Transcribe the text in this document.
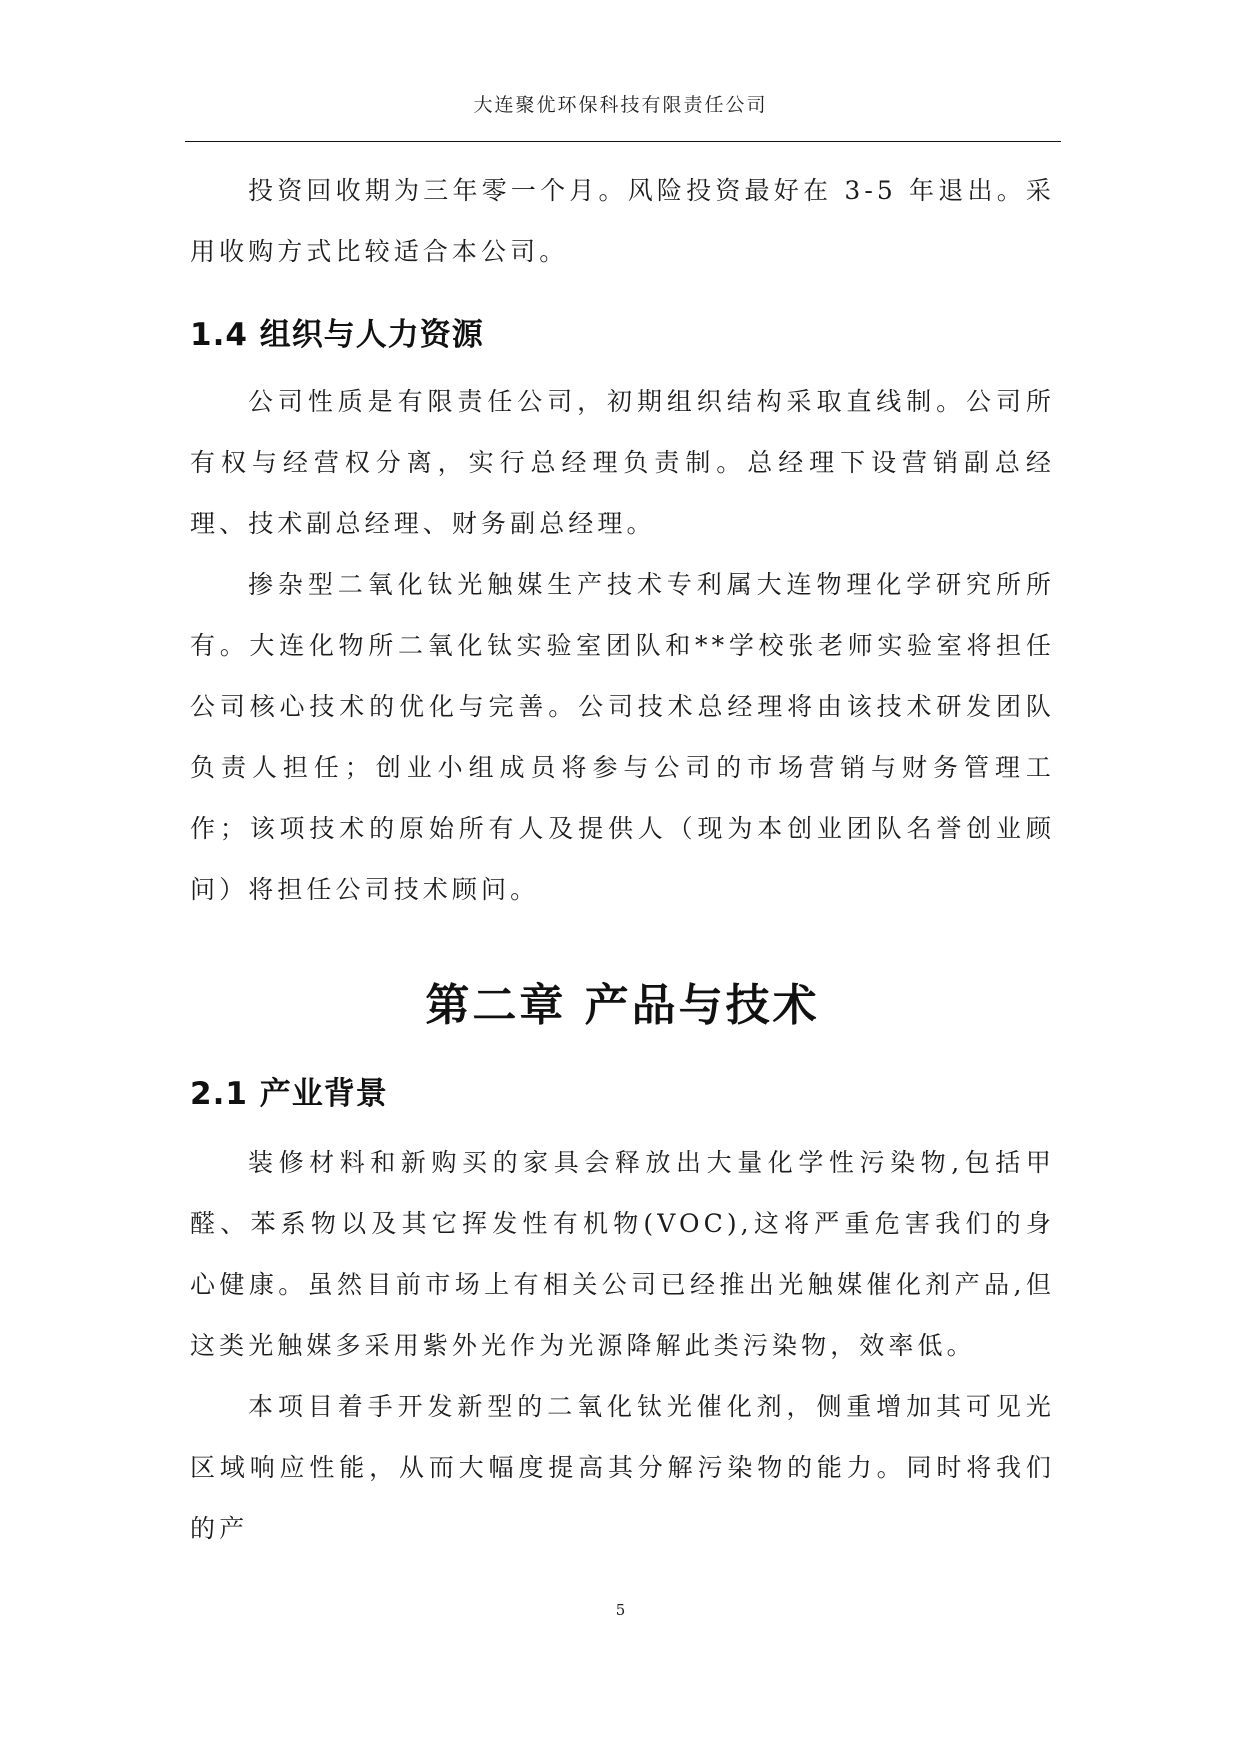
大连聚优环保科技有限责任公司

投资回收期为三年零一个月。风险投资最好在 3-5 年退出。采用收购方式比较适合本公司。

1.4 组织与人力资源

公司性质是有限责任公司，初期组织结构采取直线制。公司所有权与经营权分离，实行总经理负责制。总经理下设营销副总经理、技术副总经理、财务副总经理。

掺杂型二氧化钛光触媒生产技术专利属大连物理化学研究所所有。大连化物所二氧化钛实验室团队和**学校张老师实验室将担任公司核心技术的优化与完善。公司技术总经理将由该技术研发团队负责人担任；创业小组成员将参与公司的市场营销与财务管理工作；该项技术的原始所有人及提供人（现为本创业团队名誉创业顾问）将担任公司技术顾问。

第二章 产品与技术
2.1 产业背景

装修材料和新购买的家具会释放出大量化学性污染物,包括甲醛、苯系物以及其它挥发性有机物(VOC),这将严重危害我们的身心健康。虽然目前市场上有相关公司已经推出光触媒催化剂产品,但这类光触媒多采用紫外光作为光源降解此类污染物，效率低。

本项目着手开发新型的二氧化钛光催化剂，侧重增加其可见光区域响应性能，从而大幅度提高其分解污染物的能力。同时将我们的产

5
